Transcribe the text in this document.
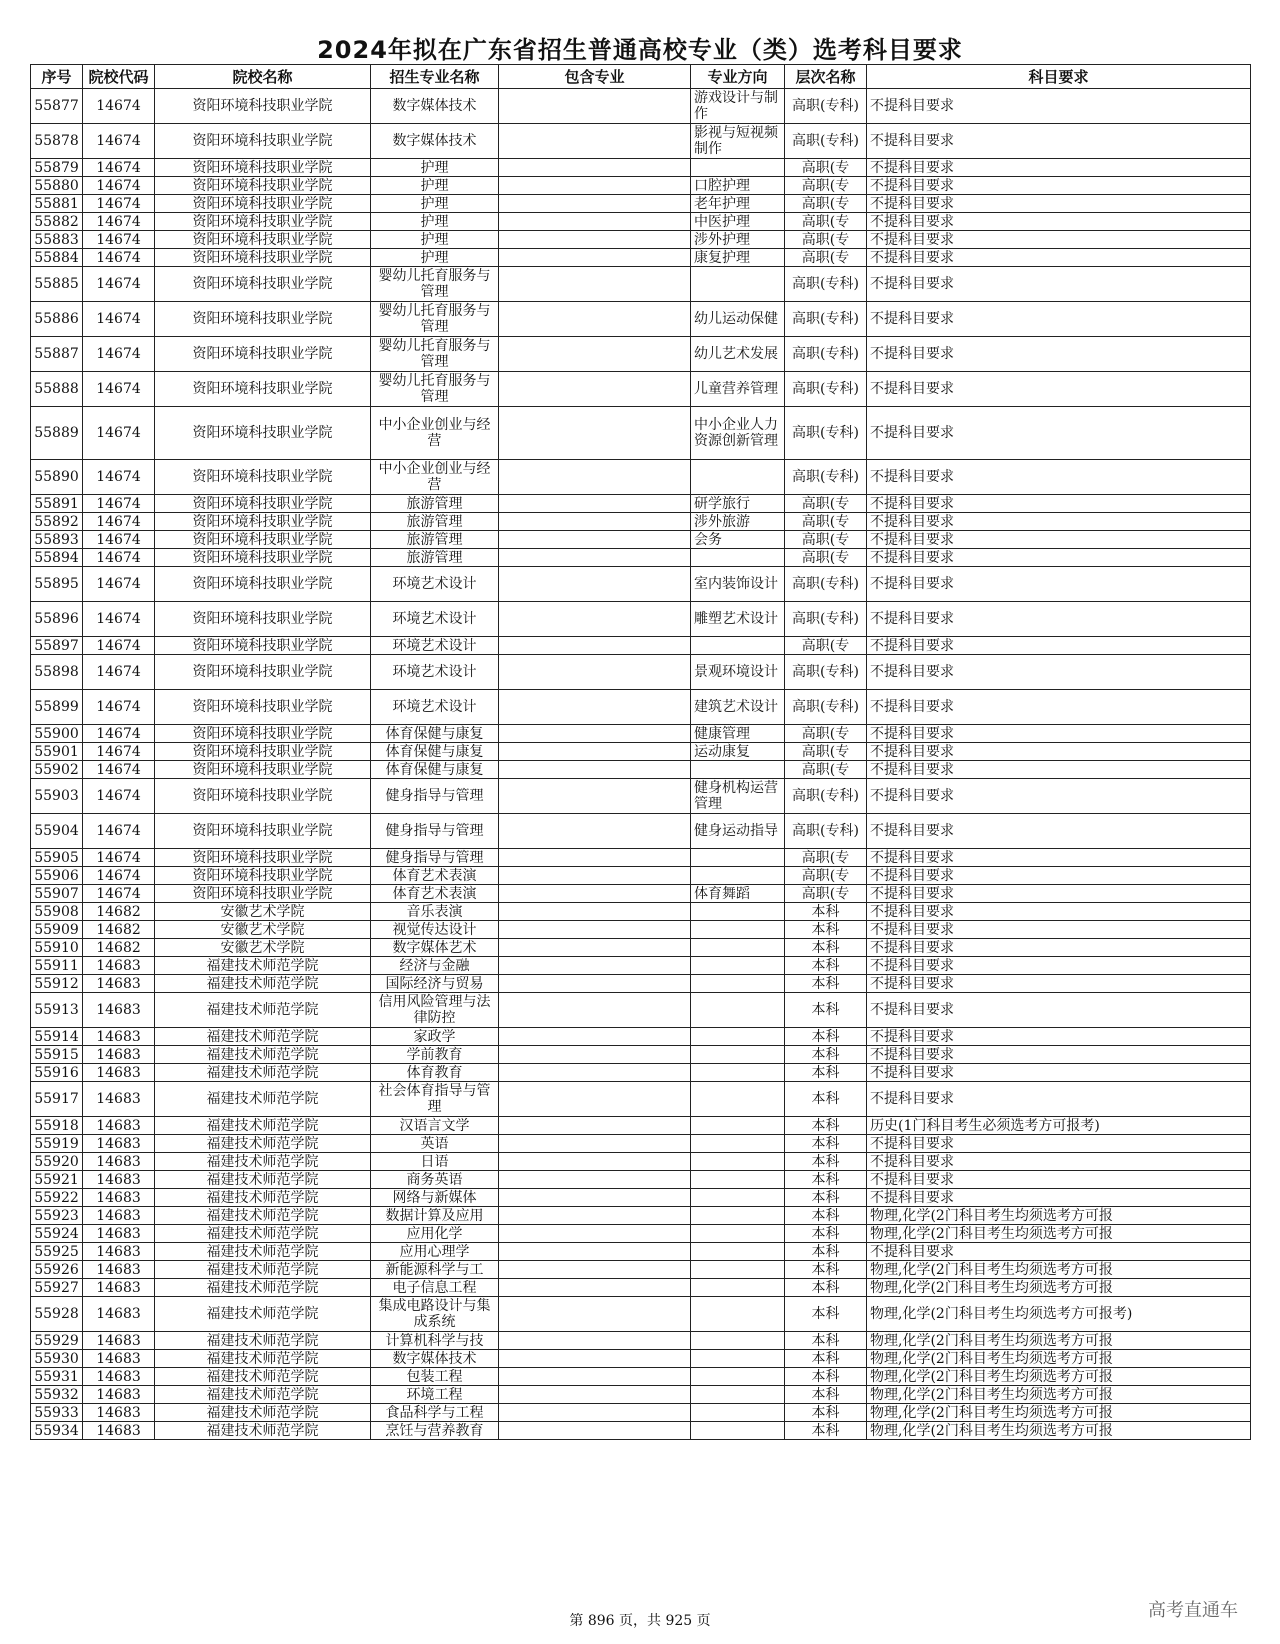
2024年拟在广东省招生普通高校专业（类）选考科目要求
序号	院校代码	院校名称	招生专业名称	包含专业	专业方向	层次名称	科目要求
55877	14674	资阳环境科技职业学院	数字媒体技术		游戏设计与制作	高职(专科)	不提科目要求
55878	14674	资阳环境科技职业学院	数字媒体技术		影视与短视频制作	高职(专科)	不提科目要求
55879	14674	资阳环境科技职业学院	护理			高职(专	不提科目要求
55880	14674	资阳环境科技职业学院	护理		口腔护理	高职(专	不提科目要求
55881	14674	资阳环境科技职业学院	护理		老年护理	高职(专	不提科目要求
55882	14674	资阳环境科技职业学院	护理		中医护理	高职(专	不提科目要求
55883	14674	资阳环境科技职业学院	护理		涉外护理	高职(专	不提科目要求
55884	14674	资阳环境科技职业学院	护理		康复护理	高职(专	不提科目要求
55885	14674	资阳环境科技职业学院	婴幼儿托育服务与管理			高职(专科)	不提科目要求
55886	14674	资阳环境科技职业学院	婴幼儿托育服务与管理		幼儿运动保健	高职(专科)	不提科目要求
55887	14674	资阳环境科技职业学院	婴幼儿托育服务与管理		幼儿艺术发展	高职(专科)	不提科目要求
55888	14674	资阳环境科技职业学院	婴幼儿托育服务与管理		儿童营养管理	高职(专科)	不提科目要求
55889	14674	资阳环境科技职业学院	中小企业创业与经营		中小企业人力资源创新管理	高职(专科)	不提科目要求
55890	14674	资阳环境科技职业学院	中小企业创业与经营			高职(专科)	不提科目要求
55891	14674	资阳环境科技职业学院	旅游管理		研学旅行	高职(专	不提科目要求
55892	14674	资阳环境科技职业学院	旅游管理		涉外旅游	高职(专	不提科目要求
55893	14674	资阳环境科技职业学院	旅游管理		会务	高职(专	不提科目要求
55894	14674	资阳环境科技职业学院	旅游管理			高职(专	不提科目要求
55895	14674	资阳环境科技职业学院	环境艺术设计		室内装饰设计	高职(专科)	不提科目要求
55896	14674	资阳环境科技职业学院	环境艺术设计		雕塑艺术设计	高职(专科)	不提科目要求
55897	14674	资阳环境科技职业学院	环境艺术设计			高职(专	不提科目要求
55898	14674	资阳环境科技职业学院	环境艺术设计		景观环境设计	高职(专科)	不提科目要求
55899	14674	资阳环境科技职业学院	环境艺术设计		建筑艺术设计	高职(专科)	不提科目要求
55900	14674	资阳环境科技职业学院	体育保健与康复		健康管理	高职(专	不提科目要求
55901	14674	资阳环境科技职业学院	体育保健与康复		运动康复	高职(专	不提科目要求
55902	14674	资阳环境科技职业学院	体育保健与康复			高职(专	不提科目要求
55903	14674	资阳环境科技职业学院	健身指导与管理		健身机构运营管理	高职(专科)	不提科目要求
55904	14674	资阳环境科技职业学院	健身指导与管理		健身运动指导	高职(专科)	不提科目要求
55905	14674	资阳环境科技职业学院	健身指导与管理			高职(专	不提科目要求
55906	14674	资阳环境科技职业学院	体育艺术表演			高职(专	不提科目要求
55907	14674	资阳环境科技职业学院	体育艺术表演		体育舞蹈	高职(专	不提科目要求
55908	14682	安徽艺术学院	音乐表演			本科	不提科目要求
55909	14682	安徽艺术学院	视觉传达设计			本科	不提科目要求
55910	14682	安徽艺术学院	数字媒体艺术			本科	不提科目要求
55911	14683	福建技术师范学院	经济与金融			本科	不提科目要求
55912	14683	福建技术师范学院	国际经济与贸易			本科	不提科目要求
55913	14683	福建技术师范学院	信用风险管理与法律防控			本科	不提科目要求
55914	14683	福建技术师范学院	家政学			本科	不提科目要求
55915	14683	福建技术师范学院	学前教育			本科	不提科目要求
55916	14683	福建技术师范学院	体育教育			本科	不提科目要求
55917	14683	福建技术师范学院	社会体育指导与管理			本科	不提科目要求
55918	14683	福建技术师范学院	汉语言文学			本科	历史(1门科目考生必须选考方可报考)
55919	14683	福建技术师范学院	英语			本科	不提科目要求
55920	14683	福建技术师范学院	日语			本科	不提科目要求
55921	14683	福建技术师范学院	商务英语			本科	不提科目要求
55922	14683	福建技术师范学院	网络与新媒体			本科	不提科目要求
55923	14683	福建技术师范学院	数据计算及应用			本科	物理,化学(2门科目考生均须选考方可报
55924	14683	福建技术师范学院	应用化学			本科	物理,化学(2门科目考生均须选考方可报
55925	14683	福建技术师范学院	应用心理学			本科	不提科目要求
55926	14683	福建技术师范学院	新能源科学与工			本科	物理,化学(2门科目考生均须选考方可报
55927	14683	福建技术师范学院	电子信息工程			本科	物理,化学(2门科目考生均须选考方可报
55928	14683	福建技术师范学院	集成电路设计与集成系统			本科	物理,化学(2门科目考生均须选考方可报考)
55929	14683	福建技术师范学院	计算机科学与技			本科	物理,化学(2门科目考生均须选考方可报
55930	14683	福建技术师范学院	数字媒体技术			本科	物理,化学(2门科目考生均须选考方可报
55931	14683	福建技术师范学院	包装工程			本科	物理,化学(2门科目考生均须选考方可报
55932	14683	福建技术师范学院	环境工程			本科	物理,化学(2门科目考生均须选考方可报
55933	14683	福建技术师范学院	食品科学与工程			本科	物理,化学(2门科目考生均须选考方可报
55934	14683	福建技术师范学院	烹饪与营养教育			本科	物理,化学(2门科目考生均须选考方可报
第 896 页，共 925 页	高考直通车
